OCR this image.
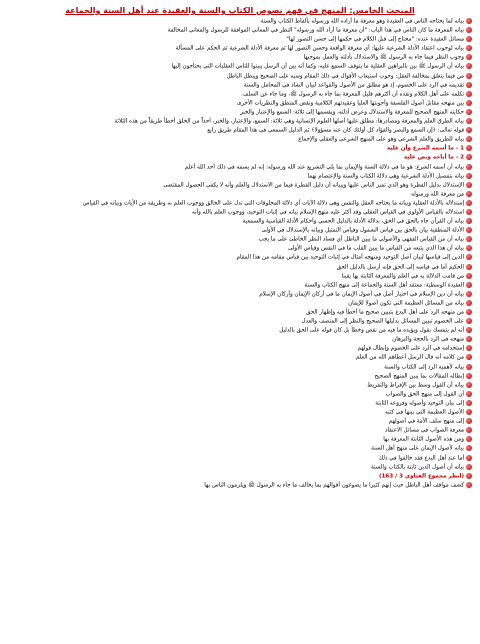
المبحث الخامس: المنهج في فهم نصوص الكتاب والسنة والعقيدة عند أهل السنة والجماعة
بيانه لما يحتاجه الناس في العقيدة وهو معرفة ما أراده الله ورسوله بألفاظ الكتاب والسنة
بيانه المعرفة ما كان الناس في هذا الباب: "أن معرفة ما أراد الله ورسوله" النظر في المعاني الموافقة للرسول والمعاني المخالفة
مسائل العقيدة عنده: "محتاج إلى قبل الكلام في حكمها إلى حسن التصور لها"
بيانه لوجوب اعتقاد الأدلة الشرعية عليها: أي معرفة الواقعة وحسن التصور لها ثم معرفة الأدلة الشرعية ثم الحكم على المسألة
وجوب النظر فيما جاء به الرسول ﷺ والاستدلال بأدلته والعمل بموجبها
بيانه أن الرسول ﷺ بين بالبراهين العقلية ما يتوقف السمع عليه، وكما أنه بين أن الرسل يبينوا للناس العقليات التي يحتاجون إليها
من فيما يتعلق بمخالفة العقل: وجوب استيعاب الأقوال في ذلك المقام وسبه على الصحيح ويبطل الباطل
تقديمه في الرد على الخصوم، إذ هو مطلق من الأصول والقواعد لبيان الشاذ في المحامل والسنة
تكلمه على أهل الكلام ونقده أن أكثرهم قليل المعرفة بما جاء به الرسول ﷺ، وما جاء عن السلف
بين منهجه مقابل أصول الفلسفة وأجوبتها العليا وعقيدتهم الكلامية ونقض المنطق والنظريات الأخرى
حكايته المنهج الصحيح للمعرفة والاستدلال وعرض أدلته، ويقسمها إلى ثلاثة: السمع والإعتبار والخبر
بيانه الطرق العلم والمعرفة ومصادرها: مطلق عليها أصلها العلوم الإنسانية وهي ثلاثة: السمع، والإعتبار، والخبر، أحداً من الخلق أخطأ طريقاً من هذه الثلاثة
قوله تعالى: ﴿إن السمع والبصر والفؤاد كل أولئك كان عنه مسؤولا﴾ ثم الدليل السمعي في هذا المقام طريق رابع
بيانه للطريق والعلم الشرعي وهو على المنهج الشرعي والعقلي والإجماع
1 - ما أسمه الشرع وأن عليه
2 - ما أباحه ونص عليه
بيانه أن أسمه الشرع: هو ما في دلالة السنة والإيمان بما يلي التشريع عند الله ورسوله: إنه لم يسمه في ذلك أحد الله أعلم
بيانه بتفصيل الأدلة الشرعية وهي دلالة الكتاب والسنة والإعتصام بهما
الإستدلال بدليل الفطرة وهو الذي تميز الناس عليها ويبيانه أن دليل الفطرة فيما من الاستدلال والعلم وأنه لا يكفي الحصول المقتضى
من معرفة الله ورسوله
إستدلاله بالأدلة العقلية وبيانه ما يحتاجه العقل والنفس وهي دلالة الآيات أي دلالة المخلوقات التي تدل على الخالق ووجوب العلم به وطريقه من الأيات وبيانه في القياس
استدلاله بالقياس الأولوي في القياس العقلي وقد أكثر عليه منهج الإسلام بيانه في إثبات التوحيد، ووجوب العلم بالله وأنه
بيانه أن القرآن جاء بالحق في الحق، بدلالة الأدلة بالدليل الحسي وأحكام الأدلة القياسية والسمعية
الأدلة المنطقية بيان بالحق بين قياس الشمول وقياس التمثيل وبيانه بالإستدلال في الأولى
بيانه أن من القياس الفقهي والأصولي ما يبين الباطل أي فساد النظر الخاطئ على ما يجب
بيانه أن هذا الذي يتبعه من القياس ما يبين القلب ما في النفس وقياس الأولى
الدين إلى قياسها لبيان أصل التوحيد ومنهجه أمثال في إثبات التوحيد بين قياس مقامه من هذا المقام
الحكيم أما في قياسه إلى الحق فإنه أرسل بالدليل الحق
من قامت الدلالة به في العلم والمعرفة الثابتة بها يقينا
العقيدة الوسطية: معتقد أهل السنة والجماعة إلى منهج الكتاب والسنة
بيانه أن دين الإسلام في اختيار أصل في أصول الإيمان ما في أركان الإيمان وأركان الإسلام
بيانه من المسائل العظيمة التي تكون أصولا للإيمان
من منهجه الرد على أهل البدع بتبيين صحيح ما أخطأ فيه وإظهار الحق
على الخصوم تبيين المسائل بدليلها الصحيح والنظر إلى المنصف والعدل
أنه لم يتمسك بقول ويؤيده ما فيه من نقص وخطأ بل كان قوله على الحق بالدليل
منهجه في الرد بالحجة والبرهان
إستخدامه في الرد على الخصوم وإبطال قولهم
من كلامه أنه قال الرسل أعطاهم الله من العلم
بيانه لأهمية الرد إلى الكتاب والسنة
إبطاله المقالات بما يبين المنهج الصحيح
بيانه أن القول وسط بين الإفراط والتفريط
أن القول إلى منهج الحق والصواب
إلى بيان التوحيد وأصوله وفروعه الثابتة
الأصول العظيمة التي بينها في كتبه
إلى منهج سلف الأمة في أصولهم
معرفة الصواب في مسائل الاعتقاد
ومن هذه الأصول الثابتة المعرفة بها
بيانه لأصول الإيمان على منهج أهل السنة
أما عند أهل البدع فقد خالفوا في ذلك
بيانه أن أصول الدين ثابتة بالكتاب والسنة
(انظر مجموع الفتاوى 3 / 163)
كشف مواقف أهل الباطل حيث إنهم كثيرا ما يصوغون أقوالهم بما يخالف ما جاء به الرسول ﷺ ويلزمون الناس بها
